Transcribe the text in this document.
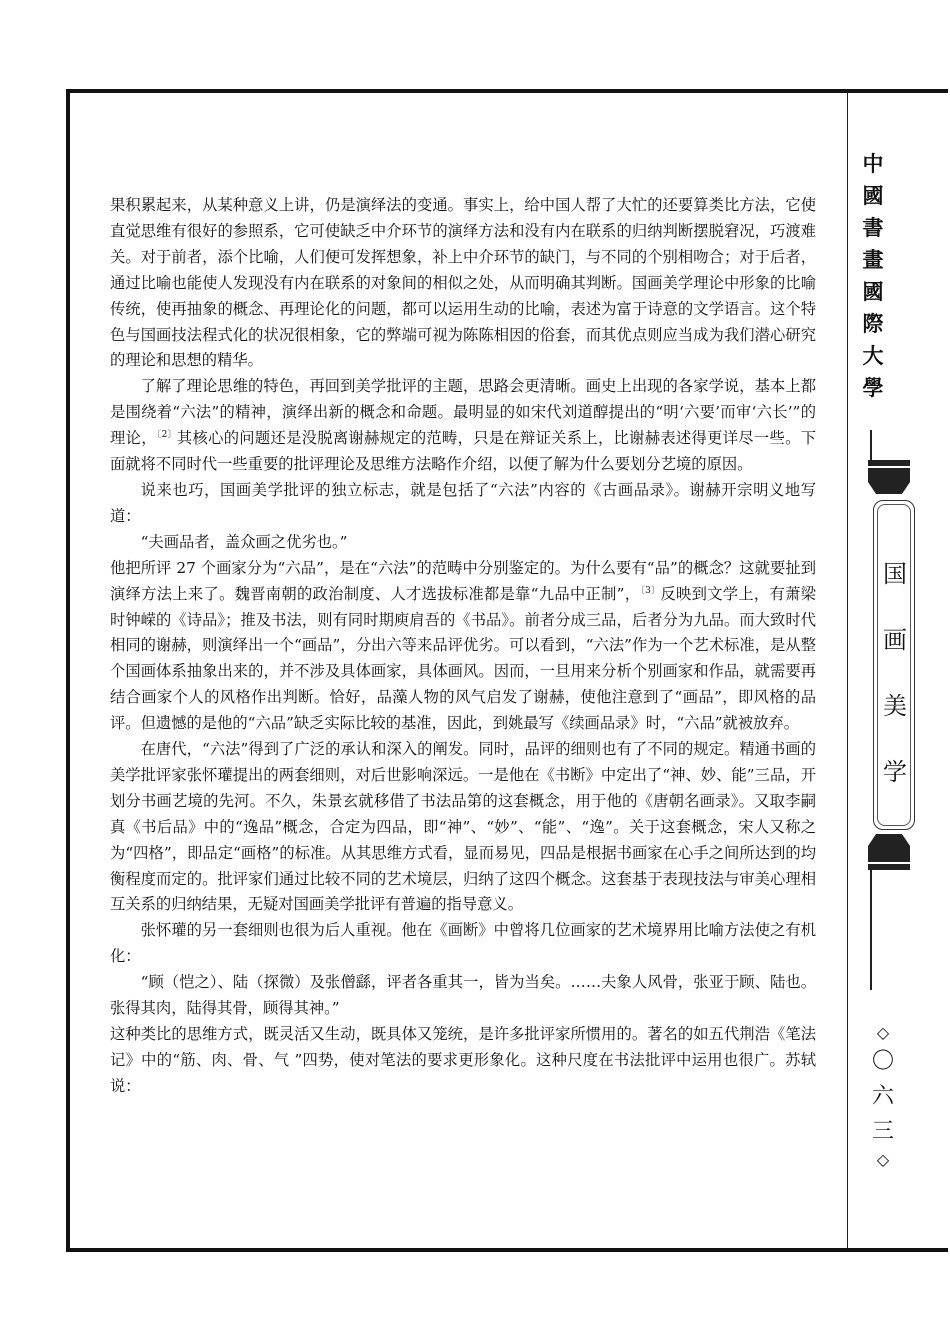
果积累起来，从某种意义上讲，仍是演绎法的变通。事实上，给中国人帮了大忙的还要算类比方法，它使直觉思维有很好的参照系，它可使缺乏中介环节的演绎方法和没有内在联系的归纳判断摆脱窘况，巧渡难关。对于前者，添个比喻，人们便可发挥想象，补上中介环节的缺门，与不同的个别相吻合；对于后者，通过比喻也能使人发现没有内在联系的对象间的相似之处，从而明确其判断。国画美学理论中形象的比喻传统，使再抽象的概念、再理论化的问题，都可以运用生动的比喻，表述为富于诗意的文学语言。这个特色与国画技法程式化的状况很相象，它的弊端可视为陈陈相因的俗套，而其优点则应当成为我们潜心研究的理论和思想的精华。

了解了理论思维的特色，再回到美学批评的主题，思路会更清晰。画史上出现的各家学说，基本上都是围绕着“六法”的精神，演绎出新的概念和命题。最明显的如宋代刘道醇提出的“明‘六要’而审‘六长’”的理论，$^{〔2〕}$其核心的问题还是没脱离谢赫规定的范畴，只是在辩证关系上，比谢赫表述得更详尽一些。下面就将不同时代一些重要的批评理论及思维方法略作介绍，以便了解为什么要划分艺境的原因。

说来也巧，国画美学批评的独立标志，就是包括了“六法”内容的《古画品录》。谢赫开宗明义地写道：

“夫画品者，盖众画之优劣也。”

他把所评 27 个画家分为“六品”，是在“六法”的范畴中分别鉴定的。为什么要有“品”的概念？这就要扯到演绎方法上来了。魏晋南朝的政治制度、人才选拔标准都是靠“九品中正制”，$^{〔3〕}$反映到文学上，有萧梁时钟嵘的《诗品》；推及书法，则有同时期庾肩吾的《书品》。前者分成三品，后者分为九品。而大致时代相同的谢赫，则演绎出一个“画品”，分出六等来品评优劣。可以看到，“六法”作为一个艺术标准，是从整个国画体系抽象出来的，并不涉及具体画家，具体画风。因而，一旦用来分析个别画家和作品，就需要再结合画家个人的风格作出判断。恰好，品藻人物的风气启发了谢赫，使他注意到了“画品”，即风格的品评。但遗憾的是他的“六品”缺乏实际比较的基准，因此，到姚最写《续画品录》时，“六品”就被放弃。

在唐代，“六法”得到了广泛的承认和深入的阐发。同时，品评的细则也有了不同的规定。精通书画的美学批评家张怀瓘提出的两套细则，对后世影响深远。一是他在《书断》中定出了“神、妙、能”三品，开划分书画艺境的先河。不久，朱景玄就移借了书法品第的这套概念，用于他的《唐朝名画录》。又取李嗣真《书后品》中的“逸品”概念，合定为四品，即“神”、“妙”、“能”、“逸”。关于这套概念，宋人又称之为“四格”，即品定“画格”的标准。从其思维方式看，显而易见，四品是根据书画家在心手之间所达到的均衡程度而定的。批评家们通过比较不同的艺术境层，归纳了这四个概念。这套基于表现技法与审美心理相互关系的归纳结果，无疑对国画美学批评有普遍的指导意义。

张怀瓘的另一套细则也很为后人重视。他在《画断》中曾将几位画家的艺术境界用比喻方法使之有机化：

“顾（恺之）、陆（探微）及张僧繇，评者各重其一，皆为当矣。……夫象人风骨，张亚于顾、陆也。张得其肉，陆得其骨，顾得其神。”

这种类比的思维方式，既灵活又生动，既具体又笼统，是许多批评家所惯用的。著名的如五代荆浩《笔法记》中的“筋、肉、骨、气 ”四势，使对笔法的要求更形象化。这种尺度在书法批评中运用也很广。苏轼说：

中
國
書
畫
國
際
大
學
国
画
美
学
◇
〇
六
三
◇
